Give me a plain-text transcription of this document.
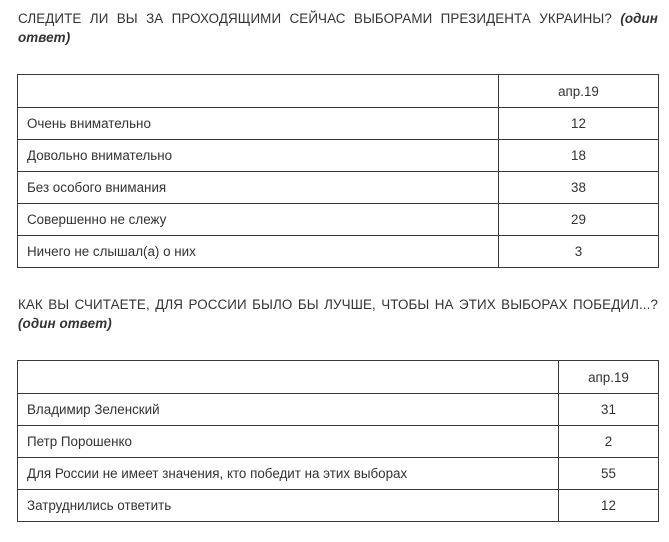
СЛЕДИТЕ ЛИ ВЫ ЗА ПРОХОДЯЩИМИ СЕЙЧАС ВЫБОРАМИ ПРЕЗИДЕНТА УКРАИНЫ? (один ответ)
	апр.19
Очень внимательно	12
Довольно внимательно	18
Без особого внимания	38
Совершенно не слежу	29
Ничего не слышал(а) о них	3
КАК ВЫ СЧИТАЕТЕ, ДЛЯ РОССИИ БЫЛО БЫ ЛУЧШЕ, ЧТОБЫ НА ЭТИХ ВЫБОРАХ ПОБЕДИЛ...? (один ответ)
	апр.19
Владимир Зеленский	31
Петр Порошенко	2
Для России не имеет значения, кто победит на этих выборах	55
Затруднились ответить	12
